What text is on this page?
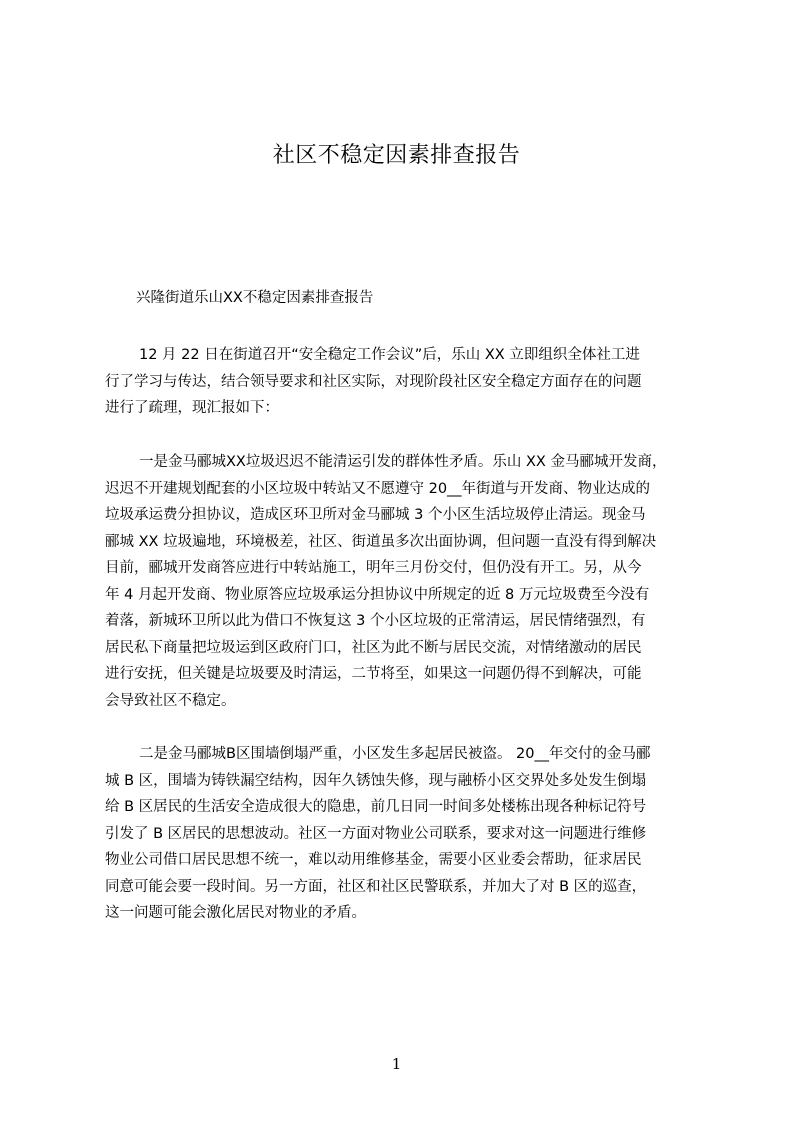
社区不稳定因素排查报告
兴隆街道乐山XX不稳定因素排查报告
12 月 22 日在街道召开“安全稳定工作会议”后，乐山 XX 立即组织全体社工进
行了学习与传达，结合领导要求和社区实际，对现阶段社区安全稳定方面存在的问题
进行了疏理，现汇报如下：
一是金马郦城XX垃圾迟迟不能清运引发的群体性矛盾。乐山 XX 金马郦城开发商，
迟迟不开建规划配套的小区垃圾中转站又不愿遵守 20__年街道与开发商、物业达成的
垃圾承运费分担协议，造成区环卫所对金马郦城 3 个小区生活垃圾停止清运。现金马
郦城 XX 垃圾遍地，环境极差，社区、街道虽多次出面协调，但问题一直没有得到解决
目前，郦城开发商答应进行中转站施工，明年三月份交付，但仍没有开工。另，从今
年 4 月起开发商、物业原答应垃圾承运分担协议中所规定的近 8 万元垃圾费至今没有
着落，新城环卫所以此为借口不恢复这 3 个小区垃圾的正常清运，居民情绪强烈，有
居民私下商量把垃圾运到区政府门口，社区为此不断与居民交流，对情绪激动的居民
进行安抚，但关键是垃圾要及时清运，二节将至，如果这一问题仍得不到解决，可能
会导致社区不稳定。
二是金马郦城B区围墙倒塌严重，小区发生多起居民被盗。 20__年交付的金马郦
城 B 区，围墙为铸铁漏空结构，因年久锈蚀失修，现与融桥小区交界处多处发生倒塌
给 B 区居民的生活安全造成很大的隐患，前几日同一时间多处楼栋出现各种标记符号
引发了 B 区居民的思想波动。社区一方面对物业公司联系，要求对这一问题进行维修
物业公司借口居民思想不统一，难以动用维修基金，需要小区业委会帮助，征求居民
同意可能会要一段时间。另一方面，社区和社区民警联系，并加大了对 B 区的巡查，
这一问题可能会激化居民对物业的矛盾。
1
